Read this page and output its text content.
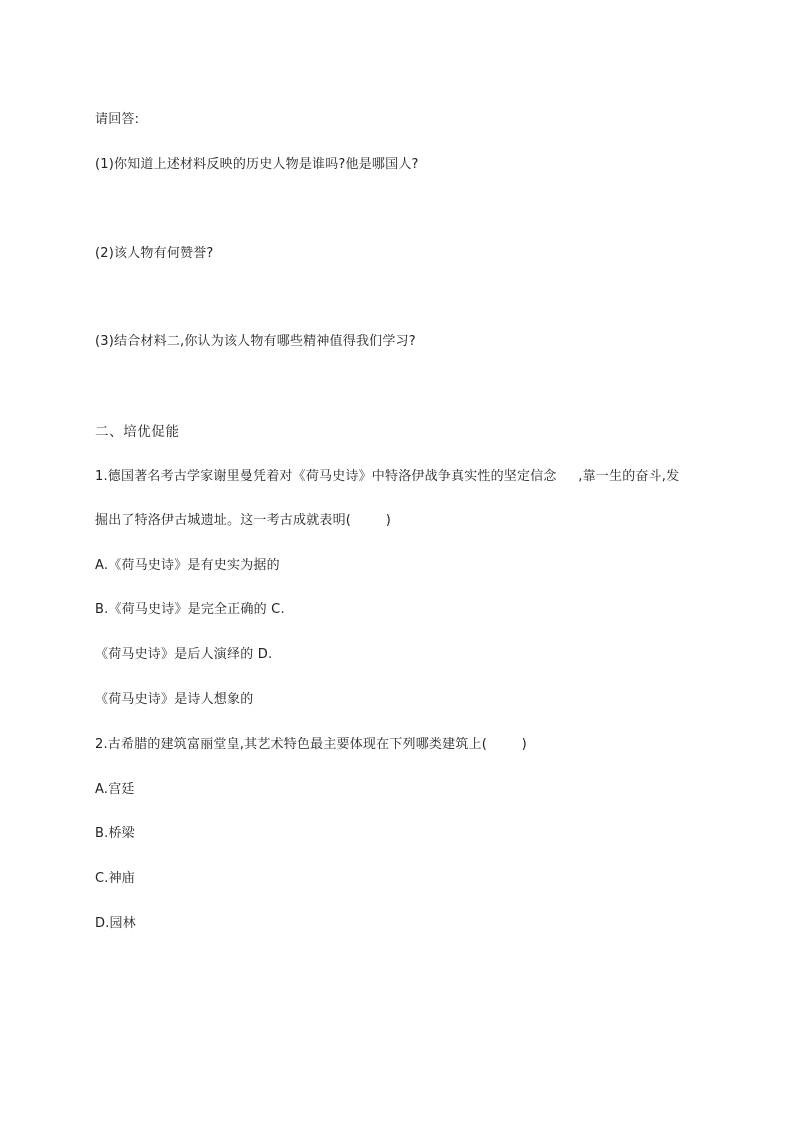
请回答:
(1)你知道上述材料反映的历史人物是谁吗?他是哪国人?
(2)该人物有何赞誉?
(3)结合材料二,你认为该人物有哪些精神值得我们学习?
二、培优促能
1.德国著名考古学家谢里曼凭着对《荷马史诗》中特洛伊战争真实性的坚定信念     ,靠一生的奋斗,发
掘出了特洛伊古城遗址。这一考古成就表明(        )
A.《荷马史诗》是有史实为据的
B.《荷马史诗》是完全正确的 C.
《荷马史诗》是后人演绎的 D.
《荷马史诗》是诗人想象的
2.古希腊的建筑富丽堂皇,其艺术特色最主要体现在下列哪类建筑上(        )
A.宫廷
B.桥梁
C.神庙
D.园林
